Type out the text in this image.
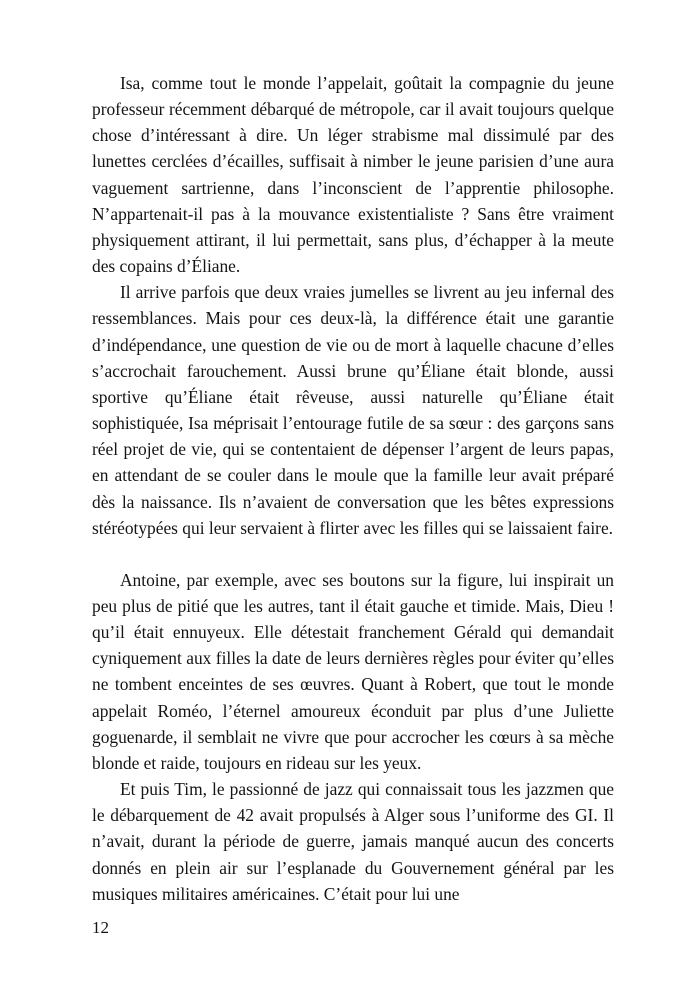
Isa, comme tout le monde l’appelait, goûtait la compagnie du jeune professeur récemment débarqué de métropole, car il avait toujours quelque chose d’intéressant à dire. Un léger strabisme mal dissimulé par des lunettes cerclées d’écailles, suffisait à nimber le jeune parisien d’une aura vaguement sartrienne, dans l’inconscient de l’apprentie philosophe. N’appartenait-il pas à la mouvance existentialiste ? Sans être vraiment physiquement attirant, il lui permettait, sans plus, d’échapper à la meute des copains d’Éliane.

Il arrive parfois que deux vraies jumelles se livrent au jeu infernal des ressemblances. Mais pour ces deux-là, la différence était une garantie d’indépendance, une question de vie ou de mort à laquelle chacune d’elles s’accrochait farouchement. Aussi brune qu’Éliane était blonde, aussi sportive qu’Éliane était rêveuse, aussi naturelle qu’Éliane était sophistiquée, Isa méprisait l’entourage futile de sa sœur : des garçons sans réel projet de vie, qui se contentaient de dépenser l’argent de leurs papas, en attendant de se couler dans le moule que la famille leur avait préparé dès la naissance. Ils n’avaient de conversation que les bêtes expressions stéréotypées qui leur servaient à flirter avec les filles qui se laissaient faire.

Antoine, par exemple, avec ses boutons sur la figure, lui inspirait un peu plus de pitié que les autres, tant il était gauche et timide. Mais, Dieu ! qu’il était ennuyeux. Elle détestait franchement Gérald qui demandait cyniquement aux filles la date de leurs dernières règles pour éviter qu’elles ne tombent enceintes de ses œuvres. Quant à Robert, que tout le monde appelait Roméo, l’éternel amoureux éconduit par plus d’une Juliette goguenarde, il semblait ne vivre que pour accrocher les cœurs à sa mèche blonde et raide, toujours en rideau sur les yeux.

Et puis Tim, le passionné de jazz qui connaissait tous les jazzmen que le débarquement de 42 avait propulsés à Alger sous l’uniforme des GI. Il n’avait, durant la période de guerre, jamais manqué aucun des concerts donnés en plein air sur l’esplanade du Gouvernement général par les musiques militaires américaines. C’était pour lui une

12
